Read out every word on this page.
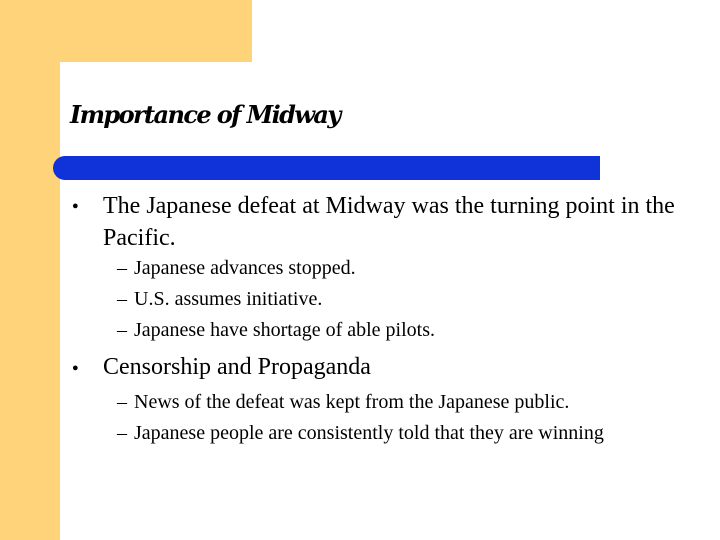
Importance of Midway
● The Japanese defeat at Midway was the turning point in the Pacific.

– Japanese advances stopped.

– U.S. assumes initiative.

– Japanese have shortage of able pilots.

● Censorship and Propaganda

– News of the defeat was kept from the Japanese public.

– Japanese people are consistently told that they are winning
